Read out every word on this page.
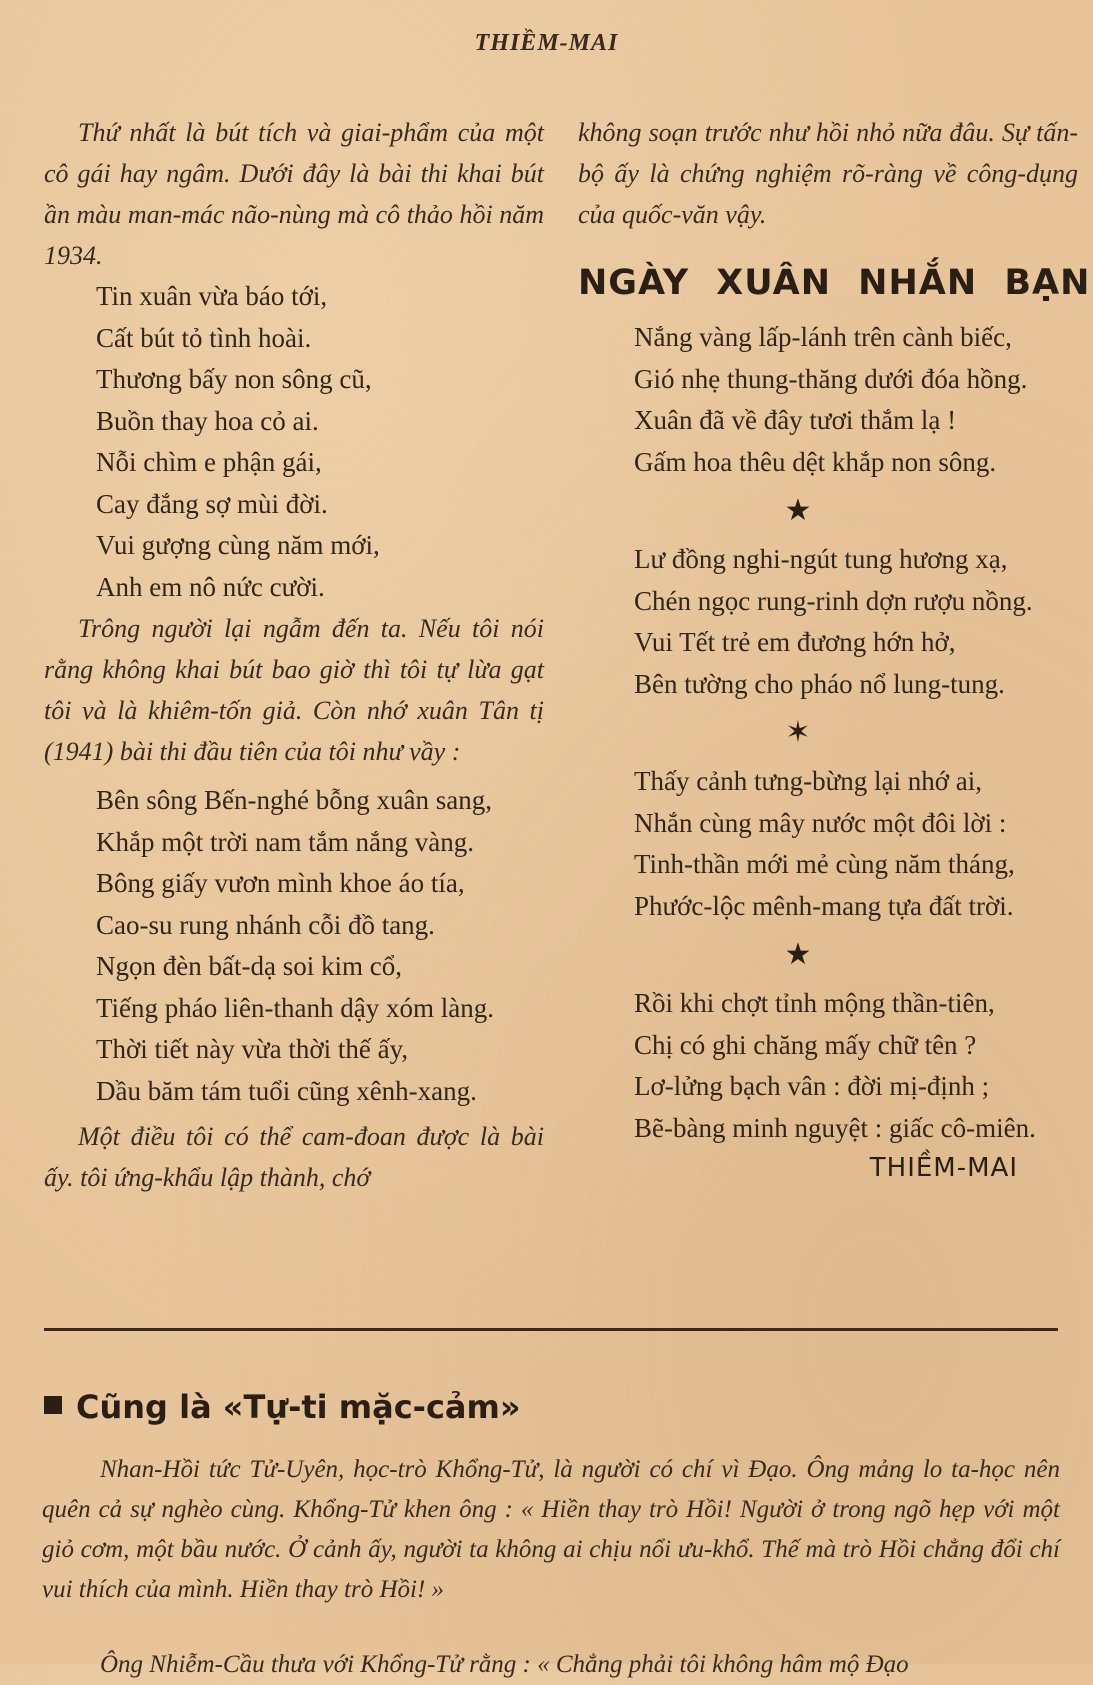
THIỀM-MAI

Thứ nhất là bút tích và giai-phẩm của một cô gái hay ngâm. Dưới đây là bài thi khai bút ần màu man-mác não-nùng mà cô thảo hồi năm 1934.

Tin xuân vừa báo tới,
Cất bút tỏ tình hoài.
Thương bấy non sông cũ,
Buồn thay hoa cỏ ai.
Nỗi chìm e phận gái,
Cay đắng sợ mùi đời.
Vui gượng cùng năm mới,
Anh em nô nức cười.

Trông người lại ngẫm đến ta. Nếu tôi nói rằng không khai bút bao giờ thì tôi tự lừa gạt tôi và là khiêm-tốn giả. Còn nhớ xuân Tân tị (1941) bài thi đầu tiên của tôi như vầy :

Bên sông Bến-nghé bỗng xuân sang,
Khắp một trời nam tắm nắng vàng.
Bông giấy vươn mình khoe áo tía,
Cao-su rung nhánh cỗi đồ tang.
Ngọn đèn bất-dạ soi kim cổ,
Tiếng pháo liên-thanh dậy xóm làng.
Thời tiết này vừa thời thế ấy,
Dầu băm tám tuổi cũng xênh-xang.

Một điều tôi có thể cam-đoan được là bài ấy. tôi ứng-khẩu lập thành, chớ

không soạn trước như hồi nhỏ nữa đâu. Sự tấn-bộ ấy là chứng nghiệm rõ-ràng về công-dụng của quốc-văn vậy.

NGÀY XUÂN NHẮN BẠN
Nắng vàng lấp-lánh trên cành biếc,
Gió nhẹ thung-thăng dưới đóa hồng.
Xuân đã về đây tươi thắm lạ !
Gấm hoa thêu dệt khắp non sông.
★
Lư đồng nghi-ngút tung hương xạ,
Chén ngọc rung-rinh dợn rượu nồng.
Vui Tết trẻ em đương hớn hở,
Bên tường cho pháo nổ lung-tung.
✶
Thấy cảnh tưng-bừng lại nhớ ai,
Nhắn cùng mây nước một đôi lời :
Tinh-thần mới mẻ cùng năm tháng,
Phước-lộc mênh-mang tựa đất trời.
★
Rồi khi chợt tỉnh mộng thần-tiên,
Chị có ghi chăng mấy chữ tên ?
Lơ-lửng bạch vân : đời mị-định ;
Bẽ-bàng minh nguyệt : giấc cô-miên.
THIỀM-MAI
Cũng là «Tự-ti mặc-cảm»

Nhan-Hồi tức Tử-Uyên, học-trò Khổng-Tử, là người có chí vì Đạo. Ông mảng lo ta-học nên quên cả sự nghèo cùng. Khổng-Tử khen ông : « Hiền thay trò Hồi! Người ở trong ngõ hẹp với một giỏ cơm, một bầu nước. Ở cảnh ấy, người ta không ai chịu nổi ưu-khổ. Thế mà trò Hồi chẳng đổi chí vui thích của mình. Hiền thay trò Hồi! »

Ông Nhiễm-Cầu thưa với Khổng-Tử rằng : « Chẳng phải tôi không hâm mộ Đạo
